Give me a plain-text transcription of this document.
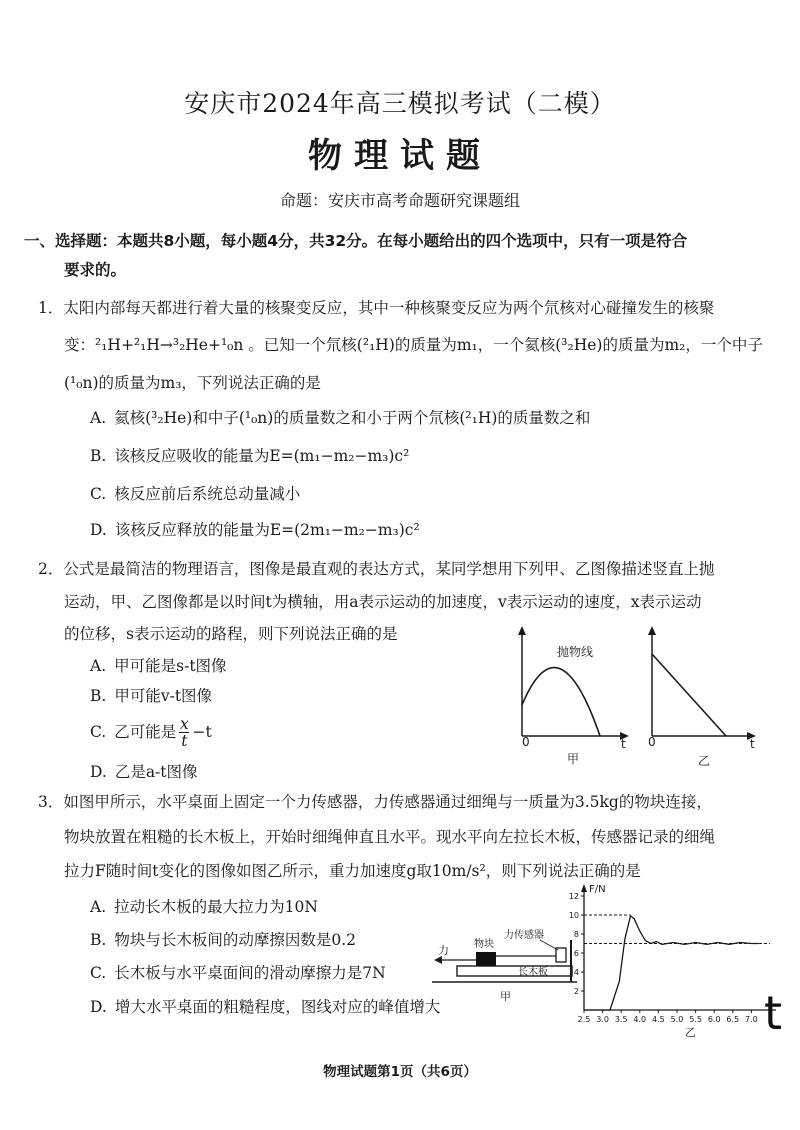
安庆市2024年高三模拟考试（二模）
物理试题
命题：安庆市高考命题研究课题组
一、选择题：本题共8小题，每小题4分，共32分。在每小题给出的四个选项中，只有一项是符合
要求的。
1．太阳内部每天都进行着大量的核聚变反应，其中一种核聚变反应为两个氘核对心碰撞发生的核聚
变：²₁H+²₁H→³₂He+¹₀n 。已知一个氘核(²₁H)的质量为m₁，一个氦核(³₂He)的质量为m₂，一个中子
(¹₀n)的质量为m₃，下列说法正确的是
A. 氦核(³₂He)和中子(¹₀n)的质量数之和小于两个氘核(²₁H)的质量数之和
B. 该核反应吸收的能量为E=(m₁−m₂−m₃)c²
C. 核反应前后系统总动量减小
D. 该核反应释放的能量为E=(2m₁−m₂−m₃)c²
2．公式是最简洁的物理语言，图像是最直观的表达方式，某同学想用下列甲、乙图像描述竖直上抛
运动，甲、乙图像都是以时间t为横轴，用a表示运动的加速度，v表示运动的速度，x表示运动
的位移，s表示运动的路程，则下列说法正确的是
A. 甲可能是s-t图像
B. 甲可能v-t图像
C. 乙可能是 $\frac{x}{t} -t$
D. 乙是a-t图像
抛物线
0	t
甲
0	t
乙
3．如图甲所示，水平桌面上固定一个力传感器，力传感器通过细绳与一质量为3.5kg的物块连接，
物块放置在粗糙的长木板上，开始时细绳伸直且水平。现水平向左拉长木板，传感器记录的细绳
拉力F随时间t变化的图像如图乙所示，重力加速度g取10m/s²，则下列说法正确的是
A. 拉动长木板的最大拉力为10N
B. 物块与长木板间的动摩擦因数是0.2
C. 长木板与水平桌面间的滑动摩擦力是7N
D. 增大水平桌面的粗糙程度，图线对应的峰值增大
力	物块
力传感器
长木板
甲
F/N
乙
2
4
6
8
10
12
2.5 3.0 3.5 4.0 4.5 5.0 5.5 6.0 6.5 7.0 t
物理试题第1页（共6页）
